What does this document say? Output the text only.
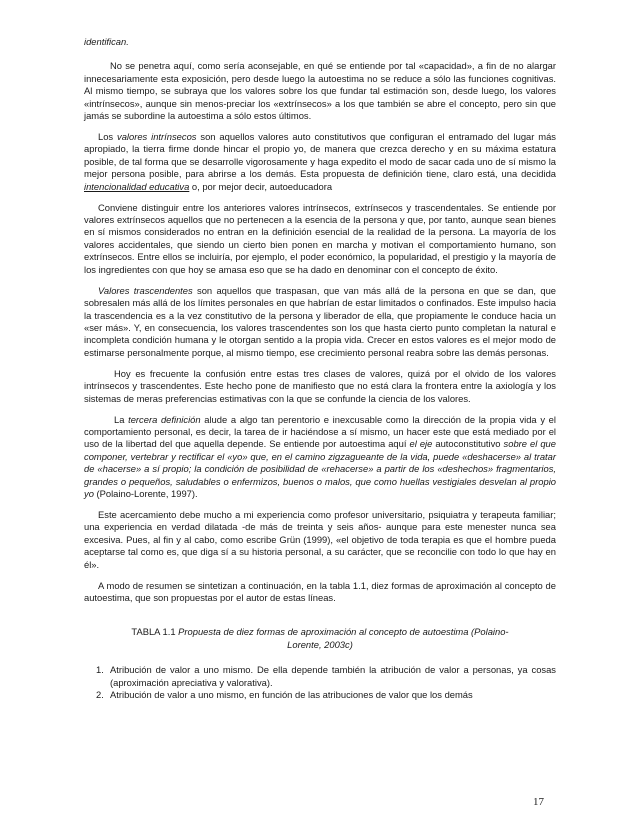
identifican.

No se penetra aquí, como sería aconsejable, en qué se entiende por tal «capacidad», a fin de no alargar innecesariamente esta exposición, pero desde luego la autoestima no se reduce a sólo las funciones cognitivas. Al mismo tiempo, se subraya que los valores sobre los que fundar tal estimación son, desde luego, los valores «intrínsecos», aunque sin menos-preciar los «extrínsecos» a los que también se abre el concepto, pero sin que jamás se subordine la autoestima a sólo estos últimos.

Los valores intrínsecos son aquellos valores auto constitutivos que configuran el entramado del lugar más apropiado, la tierra firme donde hincar el propio yo, de manera que crezca derecho y en su máxima estatura posible, de tal forma que se desarrolle vigorosamente y haga expedito el modo de sacar cada uno de sí mismo la mejor persona posible, para abrirse a los demás. Esta propuesta de definición tiene, claro está, una decidida intencionalidad educativa o, por mejor decir, autoeducadora

Conviene distinguir entre los anteriores valores intrínsecos, extrínsecos y trascendentales. Se entiende por valores extrínsecos aquellos que no pertenecen a la esencia de la persona y que, por tanto, aunque sean bienes en sí mismos considerados no entran en la definición esencial de la realidad de la persona. La mayoría de los valores accidentales, que siendo un cierto bien ponen en marcha y motivan el comportamiento humano, son extrínsecos. Entre ellos se incluiría, por ejemplo, el poder económico, la popularidad, el prestigio y la mayoría de los ingredientes con que hoy se amasa eso que se ha dado en denominar con el concepto de éxito.

Valores trascendentes son aquellos que traspasan, que van más allá de la persona en que se dan, que sobresalen más allá de los límites personales en que habrían de estar limitados o confinados. Este impulso hacia la trascendencia es a la vez constitutivo de la persona y liberador de ella, que propiamente le conduce hacia un «ser más». Y, en consecuencia, los valores trascendentes son los que hasta cierto punto completan la natural e incompleta condición humana y le otorgan sentido a la propia vida. Crecer en estos valores es el mejor modo de estimarse personalmente porque, al mismo tiempo, ese crecimiento personal reabra sobre las demás personas.

Hoy es frecuente la confusión entre estas tres clases de valores, quizá por el olvido de los valores intrínsecos y trascendentes. Este hecho pone de manifiesto que no está clara la frontera entre la axiología y los sistemas de meras preferencias estimativas con la que se confunde la ciencia de los valores.

La tercera definición alude a algo tan perentorio e inexcusable como la dirección de la propia vida y el comportamiento personal, es decir, la tarea de ir haciéndose a sí mismo, un hacer este que está mediado por el uso de la libertad del que aquella depende. Se entiende por autoestima aquí el eje autoconstitutivo sobre el que componer, vertebrar y rectificar el «yo» que, en el camino zigzagueante de la vida, puede «deshacerse» al tratar de «hacerse» a sí propio; la condición de posibilidad de «rehacerse» a partir de los «deshechos» fragmentarios, grandes o pequeños, saludables o enfermizos, buenos o malos, que como huellas vestigiales desvelan al propio yo (Polaino-Lorente, 1997).

Este acercamiento debe mucho a mi experiencia como profesor universitario, psiquiatra y terapeuta familiar; una experiencia en verdad dilatada -de más de treinta y seis años- aunque para este menester nunca sea excesiva. Pues, al fin y al cabo, como escribe Grün (1999), «el objetivo de toda terapia es que el hombre pueda aceptarse tal como es, que diga sí a su historia personal, a su carácter, que se reconcilie con todo lo que hay en él».

A modo de resumen se sintetizan a continuación, en la tabla 1.1, diez formas de aproximación al concepto de autoestima, que son propuestas por el autor de estas líneas.

TABLA 1.1 Propuesta de diez formas de aproximación al concepto de autoestima (Polaino-Lorente, 2003c)

1. Atribución de valor a uno mismo. De ella depende también la atribución de valor a personas, ya cosas (aproximación apreciativa y valorativa).
2. Atribución de valor a uno mismo, en función de las atribuciones de valor que los demás
17
